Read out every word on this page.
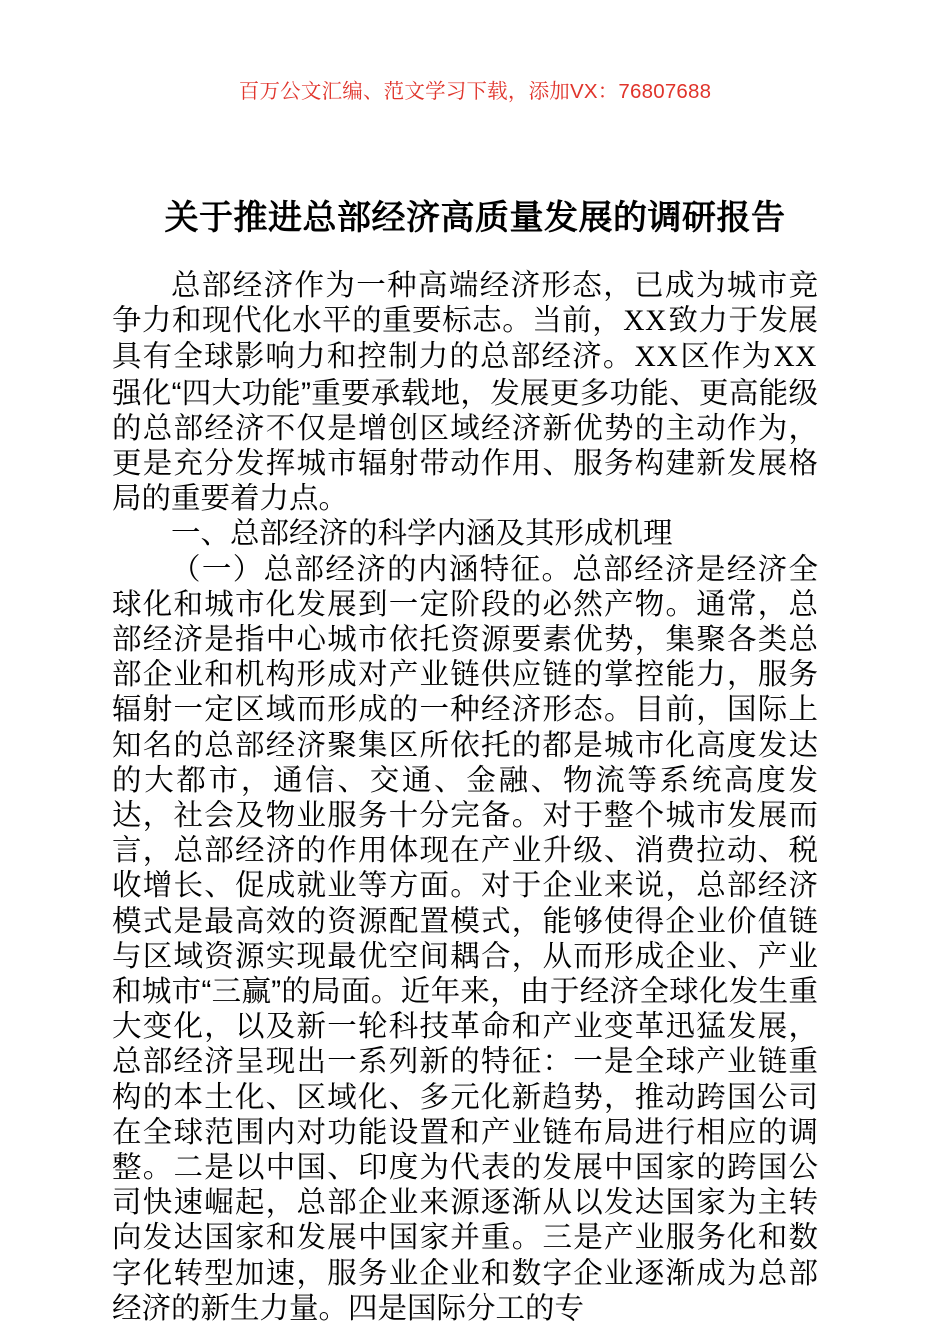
百万公文汇编、范文学习下载，添加VX：76807688
关于推进总部经济高质量发展的调研报告

总部经济作为一种高端经济形态，已成为城市竞争力和现代化水平的重要标志。当前，XX致力于发展具有全球影响力和控制力的总部经济。XX区作为XX强化“四大功能”重要承载地，发展更多功能、更高能级的总部经济不仅是增创区域经济新优势的主动作为，更是充分发挥城市辐射带动作用、服务构建新发展格局的重要着力点。

一、总部经济的科学内涵及其形成机理

（一）总部经济的内涵特征。总部经济是经济全球化和城市化发展到一定阶段的必然产物。通常，总部经济是指中心城市依托资源要素优势，集聚各类总部企业和机构形成对产业链供应链的掌控能力，服务辐射一定区域而形成的一种经济形态。目前，国际上知名的总部经济聚集区所依托的都是城市化高度发达的大都市，通信、交通、金融、物流等系统高度发达，社会及物业服务十分完备。对于整个城市发展而言，总部经济的作用体现在产业升级、消费拉动、税收增长、促成就业等方面。对于企业来说，总部经济模式是最高效的资源配置模式，能够使得企业价值链与区域资源实现最优空间耦合，从而形成企业、产业和城市“三赢”的局面。近年来，由于经济全球化发生重大变化，以及新一轮科技革命和产业变革迅猛发展，总部经济呈现出一系列新的特征：一是全球产业链重构的本土化、区域化、多元化新趋势，推动跨国公司在全球范围内对功能设置和产业链布局进行相应的调整。二是以中国、印度为代表的发展中国家的跨国公司快速崛起，总部企业来源逐渐从以发达国家为主转向发达国家和发展中国家并重。三是产业服务化和数字化转型加速，服务业企业和数字企业逐渐成为总部经济的新生力量。四是国际分工的专
